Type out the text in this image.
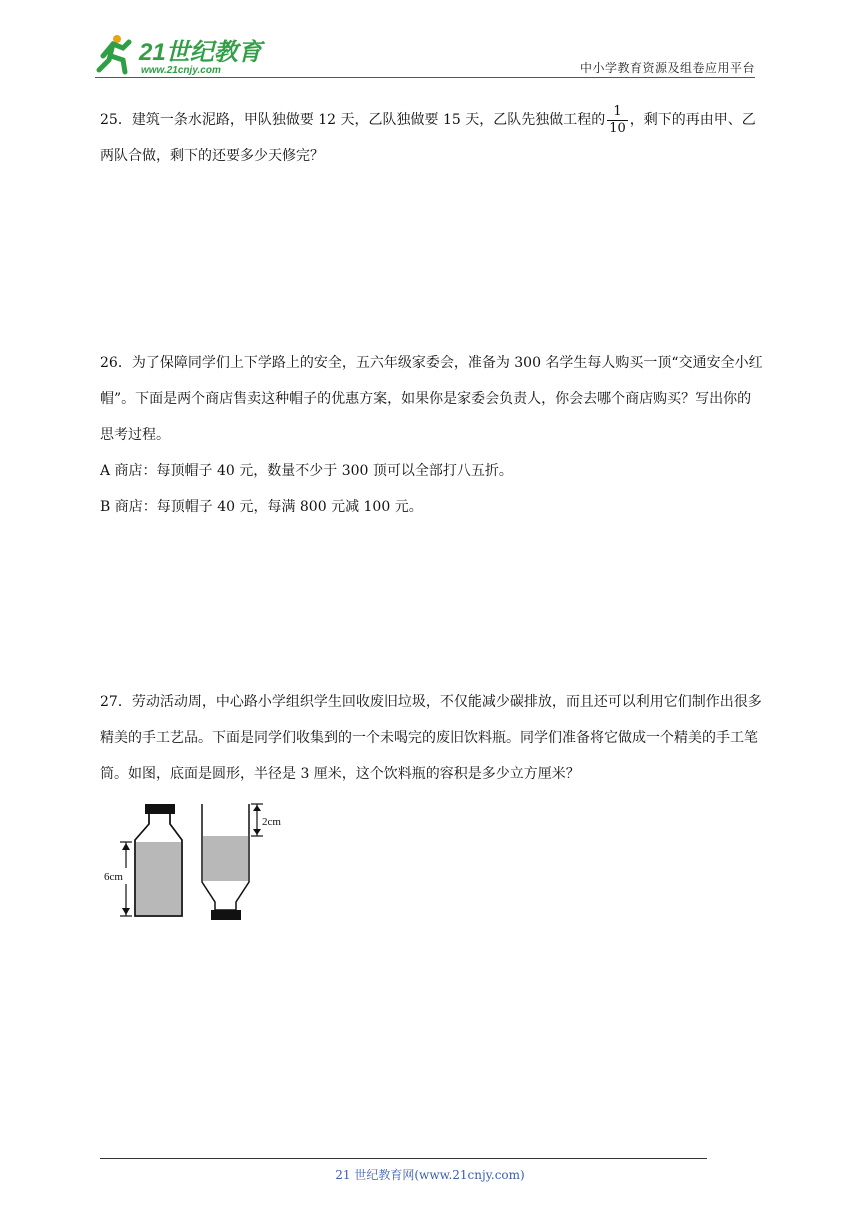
21世纪教育
www.21cnjy.com	中小学教育资源及组卷应用平台

25．建筑一条水泥路，甲队独做要 12 天，乙队独做要 15 天，乙队先独做工程的 $\frac{1}{10}$ ，剩下的再由甲、乙两队合做，剩下的还要多少天修完？

26．为了保障同学们上下学路上的安全，五六年级家委会，准备为 300 名学生每人购买一顶“交通安全小红帽”。下面是两个商店售卖这种帽子的优惠方案，如果你是家委会负责人，你会去哪个商店购买？写出你的思考过程。

A 商店：每顶帽子 40 元，数量不少于 300 顶可以全部打八五折。

B 商店：每顶帽子 40 元，每满 800 元减 100 元。

27．劳动活动周，中心路小学组织学生回收废旧垃圾，不仅能减少碳排放，而且还可以利用它们制作出很多精美的手工艺品。下面是同学们收集到的一个未喝完的废旧饮料瓶。同学们准备将它做成一个精美的手工笔筒。如图，底面是圆形，半径是 3 厘米，这个饮料瓶的容积是多少立方厘米？

6cm
2cm
21 世纪教育网(www.21cnjy.com)
